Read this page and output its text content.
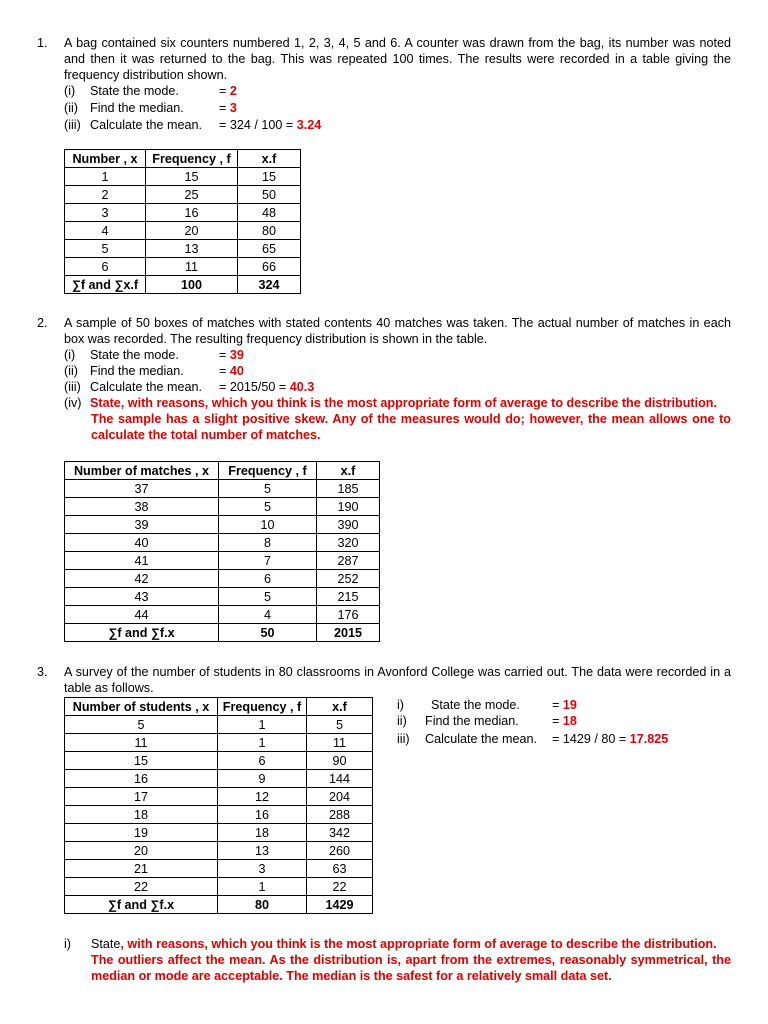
1. A bag contained six counters numbered 1, 2, 3, 4, 5 and 6. A counter was drawn from the bag, its number was noted and then it was returned to the bag. This was repeated 100 times. The results were recorded in a table giving the frequency distribution shown.
(i) State the mode.	= 2
(ii) Find the median.	= 3
(iii) Calculate the mean. = 324 / 100 = 3.24
Number , x	Frequency , f	x.f
1	15	15
2	25	50
3	16	48
4	20	80
5	13	65
6	11	66
∑f and ∑x.f	100	324
2. A sample of 50 boxes of matches with stated contents 40 matches was taken. The actual number of matches in each box was recorded. The resulting frequency distribution is shown in the table.
(i) State the mode.	= 39
(ii) Find the median.	= 40
(iii) Calculate the mean. = 2015/50 = 40.3
(iv) State, with reasons, which you think is the most appropriate form of average to describe the distribution.
The sample has a slight positive skew. Any of the measures would do; however, the mean allows one to calculate the total number of matches.
Number of matches , x	Frequency , f	x.f
37	5	185
38	5	190
39	10	390
40	8	320
41	7	287
42	6	252
43	5	215
44	4	176
∑f and ∑f.x	50	2015
3. A survey of the number of students in 80 classrooms in Avonford College was carried out. The data were recorded in a table as follows.
Number of students , x	Frequency , f	x.f
5	1	5
11	1	11
15	6	90
16	9	144
17	12	204
18	16	288
19	18	342
20	13	260
21	3	63
22	1	22
∑f and ∑f.x	80	1429
i) State the mode.	= 19
ii) Find the median.	= 18
iii) Calculate the mean. = 1429 / 80 = 17.825
i) State, with reasons, which you think is the most appropriate form of average to describe the distribution.
The outliers affect the mean. As the distribution is, apart from the extremes, reasonably symmetrical, the median or mode are acceptable. The median is the safest for a relatively small data set.
